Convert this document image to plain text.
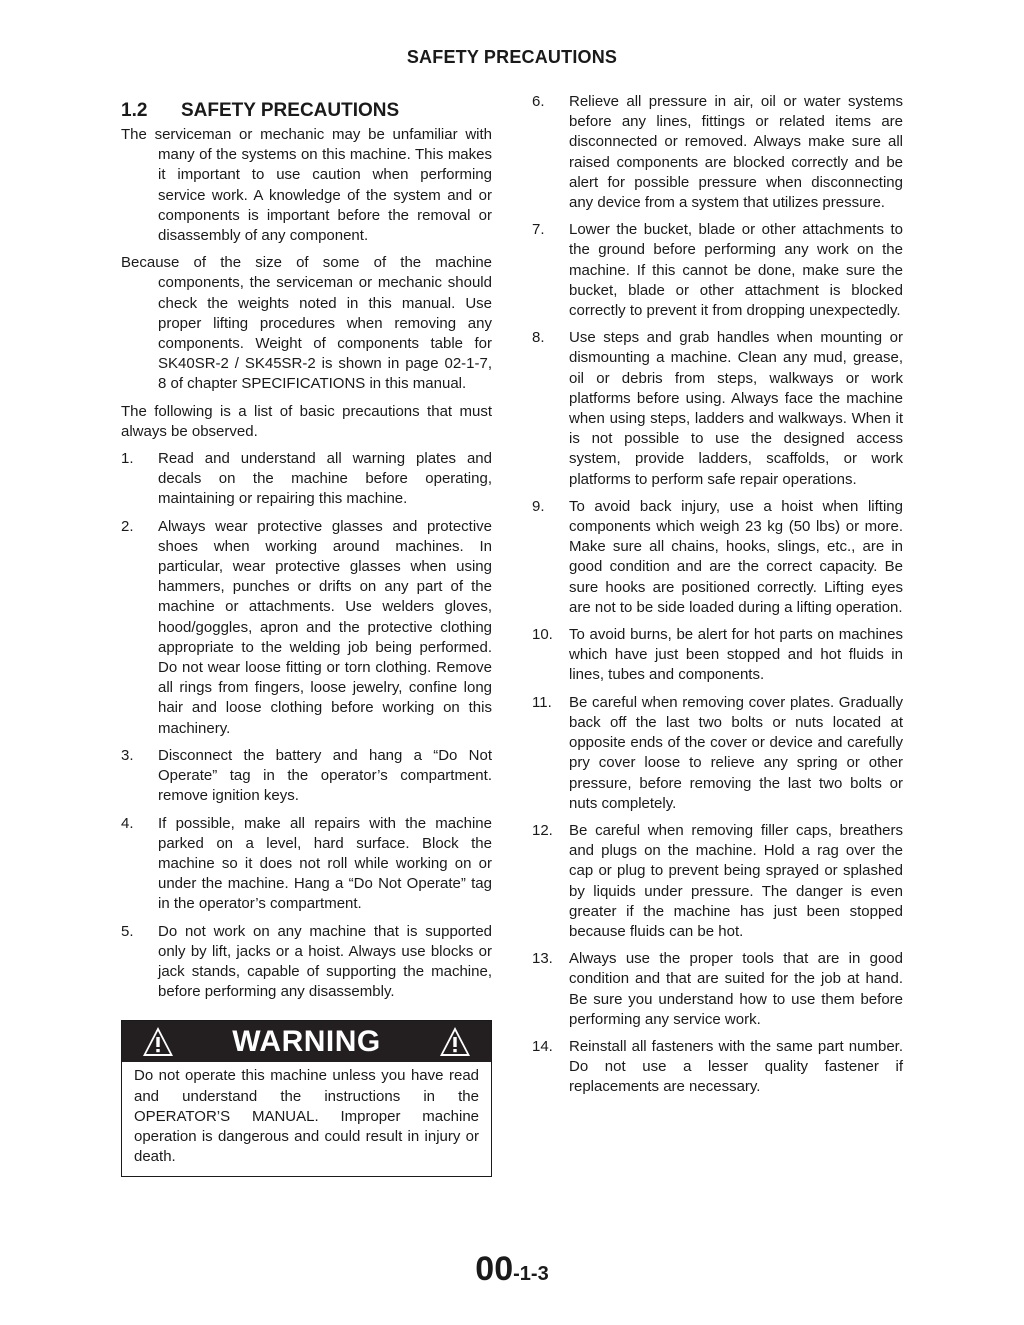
SAFETY PRECAUTIONS
1.2	SAFETY PRECAUTIONS

The serviceman or mechanic may be unfamiliar with many of the systems on this machine. This makes it important to use caution when performing service work. A knowledge of the system and or components is important before the removal or disassembly of any component.

Because of the size of some of the machine components, the serviceman or mechanic should check the weights noted in this manual. Use proper lifting procedures when removing any components. Weight of components table for SK40SR-2 / SK45SR-2 is shown in page 02-1-7, 8 of chapter SPECIFICATIONS in this manual.

The following is a list of basic precautions that must always be observed.

1.	Read and understand all warning plates and decals on the machine before operating, maintaining or repairing this machine.
2.	Always wear protective glasses and protective shoes when working around machines. In particular, wear protective glasses when using hammers, punches or drifts on any part of the machine or attachments. Use welders gloves, hood/goggles, apron and the protective clothing appropriate to the welding job being performed. Do not wear loose fitting or torn clothing. Remove all rings from fingers, loose jewelry, confine long hair and loose clothing before working on this machinery.
3.	Disconnect the battery and hang a “Do Not Operate” tag in the operator’s compartment. remove ignition keys.
4.	If possible, make all repairs with the machine parked on a level, hard surface. Block the machine so it does not roll while working on or under the machine. Hang a “Do Not Operate” tag in the operator’s compartment.
5.	Do not work on any machine that is supported only by lift, jacks or a hoist. Always use blocks or jack stands, capable of supporting the machine, before performing any disassembly.
WARNING

Do not operate this machine unless you have read and understand the instructions in the OPERATOR’S MANUAL. Improper machine operation is dangerous and could result in injury or death.

6.	Relieve all pressure in air, oil or water systems before any lines, fittings or related items are disconnected or removed. Always make sure all raised components are blocked correctly and be alert for possible pressure when disconnecting any device from a system that utilizes pressure.
7.	Lower the bucket, blade or other attachments to the ground before performing any work on the machine. If this cannot be done, make sure the bucket, blade or other attachment is blocked correctly to prevent it from dropping unexpectedly.
8.	Use steps and grab handles when mounting or dismounting a machine. Clean any mud, grease, oil or debris from steps, walkways or work platforms before using. Always face the machine when using steps, ladders and walkways. When it is not possible to use the designed access system, provide ladders, scaffolds, or work platforms to perform safe repair operations.
9.	To avoid back injury, use a hoist when lifting components which weigh 23 kg (50 lbs) or more. Make sure all chains, hooks, slings, etc., are in good condition and are the correct capacity. Be sure hooks are positioned correctly. Lifting eyes are not to be side loaded during a lifting operation.
10.	To avoid burns, be alert for hot parts on machines which have just been stopped and hot fluids in lines, tubes and components.
11.	Be careful when removing cover plates. Gradually back off the last two bolts or nuts located at opposite ends of the cover or device and carefully pry cover loose to relieve any spring or other pressure, before removing the last two bolts or nuts completely.
12.	Be careful when removing filler caps, breathers and plugs on the machine. Hold a rag over the cap or plug to prevent being sprayed or splashed by liquids under pressure. The danger is even greater if the machine has just been stopped because fluids can be hot.
13.	Always use the proper tools that are in good condition and that are suited for the job at hand. Be sure you understand how to use them before performing any service work.
14.	Reinstall all fasteners with the same part number. Do not use a lesser quality fastener if replacements are necessary.
00-1-3
